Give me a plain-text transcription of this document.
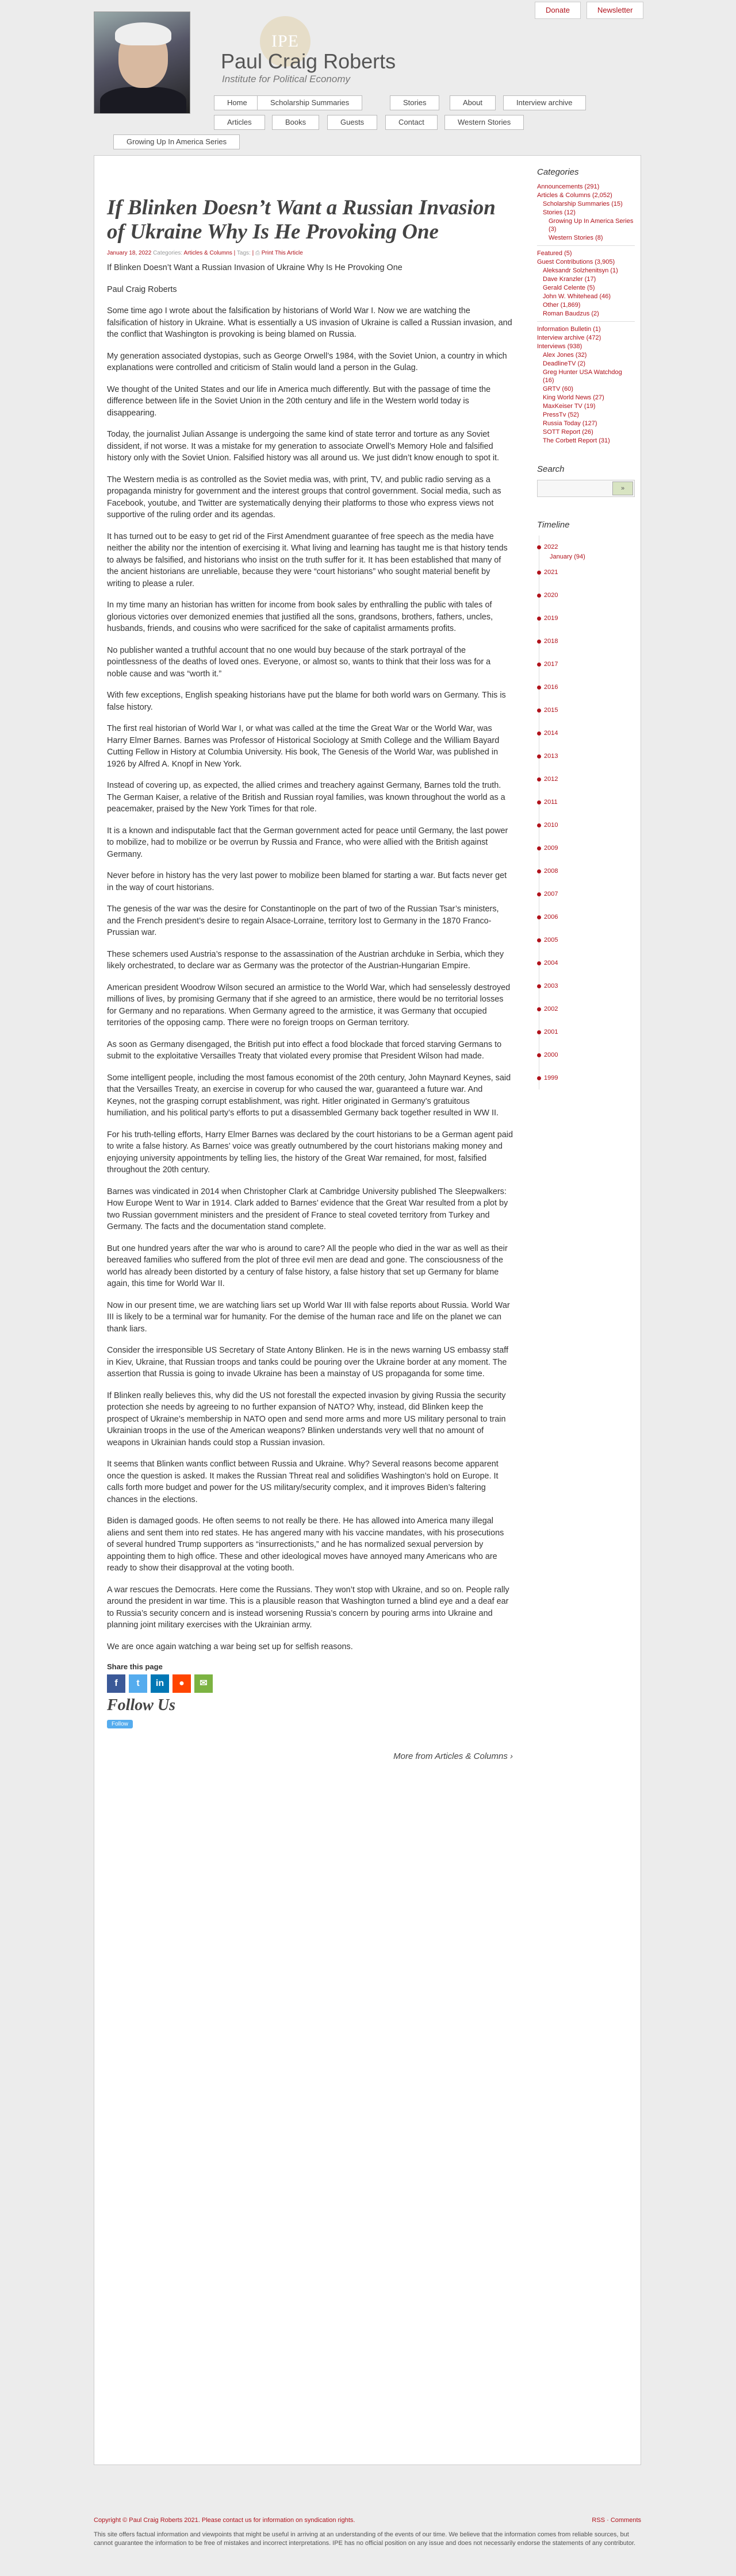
Donate	Newsletter
IPE
Paul Craig Roberts
Institute for Political Economy
Home	Scholarship Summaries	Stories	About	Interview archive
Articles	Books	Guests	Contact	Western Stories
Growing Up In America Series
If Blinken Doesn’t Want a Russian Invasion of Ukraine Why Is He Provoking One
January 18, 2022 Categories: Articles & Columns | Tags: | ⎙ Print This Article

If Blinken Doesn’t Want a Russian Invasion of Ukraine Why Is He Provoking One

Paul Craig Roberts

Some time ago I wrote about the falsification by historians of World War I. Now we are watching the falsification of history in Ukraine. What is essentially a US invasion of Ukraine is called a Russian invasion, and the conflict that Washington is provoking is being blamed on Russia.

My generation associated dystopias, such as George Orwell’s 1984, with the Soviet Union, a country in which explanations were controlled and criticism of Stalin would land a person in the Gulag.

We thought of the United States and our life in America much differently. But with the passage of time the difference between life in the Soviet Union in the 20th century and life in the Western world today is disappearing.

Today, the journalist Julian Assange is undergoing the same kind of state terror and torture as any Soviet dissident, if not worse. It was a mistake for my generation to associate Orwell’s Memory Hole and falsified history only with the Soviet Union. Falsified history was all around us. We just didn’t know enough to spot it.

The Western media is as controlled as the Soviet media was, with print, TV, and public radio serving as a propaganda ministry for government and the interest groups that control government. Social media, such as Facebook, youtube, and Twitter are systematically denying their platforms to those who express views not supportive of the ruling order and its agendas.

It has turned out to be easy to get rid of the First Amendment guarantee of free speech as the media have neither the ability nor the intention of exercising it. What living and learning has taught me is that history tends to always be falsified, and historians who insist on the truth suffer for it. It has been established that many of the ancient historians are unreliable, because they were “court historians” who sought material benefit by writing to please a ruler.

In my time many an historian has written for income from book sales by enthralling the public with tales of glorious victories over demonized enemies that justified all the sons, grandsons, brothers, fathers, uncles, husbands, friends, and cousins who were sacrificed for the sake of capitalist armaments profits.

No publisher wanted a truthful account that no one would buy because of the stark portrayal of the pointlessness of the deaths of loved ones. Everyone, or almost so, wants to think that their loss was for a noble cause and was “worth it.”

With few exceptions, English speaking historians have put the blame for both world wars on Germany. This is false history.

The first real historian of World War I, or what was called at the time the Great War or the World War, was Harry Elmer Barnes. Barnes was Professor of Historical Sociology at Smith College and the William Bayard Cutting Fellow in History at Columbia University. His book, The Genesis of the World War, was published in 1926 by Alfred A. Knopf in New York.

Instead of covering up, as expected, the allied crimes and treachery against Germany, Barnes told the truth. The German Kaiser, a relative of the British and Russian royal families, was known throughout the world as a peacemaker, praised by the New York Times for that role.

It is a known and indisputable fact that the German government acted for peace until Germany, the last power to mobilize, had to mobilize or be overrun by Russia and France, who were allied with the British against Germany.

Never before in history has the very last power to mobilize been blamed for starting a war. But facts never get in the way of court historians.

The genesis of the war was the desire for Constantinople on the part of two of the Russian Tsar’s ministers, and the French president’s desire to regain Alsace-Lorraine, territory lost to Germany in the 1870 Franco-Prussian war.

These schemers used Austria’s response to the assassination of the Austrian archduke in Serbia, which they likely orchestrated, to declare war as Germany was the protector of the Austrian-Hungarian Empire.

American president Woodrow Wilson secured an armistice to the World War, which had senselessly destroyed millions of lives, by promising Germany that if she agreed to an armistice, there would be no territorial losses for Germany and no reparations. When Germany agreed to the armistice, it was Germany that occupied territories of the opposing camp. There were no foreign troops on German territory.

As soon as Germany disengaged, the British put into effect a food blockade that forced starving Germans to submit to the exploitative Versailles Treaty that violated every promise that President Wilson had made.

Some intelligent people, including the most famous economist of the 20th century, John Maynard Keynes, said that the Versailles Treaty, an exercise in coverup for who caused the war, guaranteed a future war. And Keynes, not the grasping corrupt establishment, was right. Hitler originated in Germany’s gratuitous humiliation, and his political party’s efforts to put a disassembled Germany back together resulted in WW II.

For his truth-telling efforts, Harry Elmer Barnes was declared by the court historians to be a German agent paid to write a false history. As Barnes’ voice was greatly outnumbered by the court historians making money and enjoying university appointments by telling lies, the history of the Great War remained, for most, falsified throughout the 20th century.

Barnes was vindicated in 2014 when Christopher Clark at Cambridge University published The Sleepwalkers: How Europe Went to War in 1914. Clark added to Barnes’ evidence that the Great War resulted from a plot by two Russian government ministers and the president of France to steal coveted territory from Turkey and Germany. The facts and the documentation stand complete.

But one hundred years after the war who is around to care? All the people who died in the war as well as their bereaved families who suffered from the plot of three evil men are dead and gone. The consciousness of the world has already been distorted by a century of false history, a false history that set up Germany for blame again, this time for World War II.

Now in our present time, we are watching liars set up World War III with false reports about Russia. World War III is likely to be a terminal war for humanity. For the demise of the human race and life on the planet we can thank liars.

Consider the irresponsible US Secretary of State Antony Blinken. He is in the news warning US embassy staff in Kiev, Ukraine, that Russian troops and tanks could be pouring over the Ukraine border at any moment. The assertion that Russia is going to invade Ukraine has been a mainstay of US propaganda for some time.

If Blinken really believes this, why did the US not forestall the expected invasion by giving Russia the security protection she needs by agreeing to no further expansion of NATO? Why, instead, did Blinken keep the prospect of Ukraine’s membership in NATO open and send more arms and more US military personal to train Ukrainian troops in the use of the American weapons? Blinken understands very well that no amount of weapons in Ukrainian hands could stop a Russian invasion.

It seems that Blinken wants conflict between Russia and Ukraine. Why? Several reasons become apparent once the question is asked. It makes the Russian Threat real and solidifies Washington’s hold on Europe. It calls forth more budget and power for the US military/security complex, and it improves Biden’s faltering chances in the elections.

Biden is damaged goods. He often seems to not really be there. He has allowed into America many illegal aliens and sent them into red states. He has angered many with his vaccine mandates, with his prosecutions of several hundred Trump supporters as “insurrectionists,” and he has normalized sexual perversion by appointing them to high office. These and other ideological moves have annoyed many Americans who are ready to show their disapproval at the voting booth.

A war rescues the Democrats. Here come the Russians. They won’t stop with Ukraine, and so on. People rally around the president in war time. This is a plausible reason that Washington turned a blind eye and a deaf ear to Russia’s security concern and is instead worsening Russia’s concern by pouring arms into Ukraine and planning joint military exercises with the Ukrainian army.

We are once again watching a war being set up for selfish reasons.

Share this page
f t in ● ✉
Follow Us
Follow
More from Articles & Columns ›
Categories
Announcements (291)
Articles & Columns (2,052)
Scholarship Summaries (15)
Stories (12)
Growing Up In America Series (3)
Western Stories (8)
Featured (5)
Guest Contributions (3,905)
Aleksandr Solzhenitsyn (1)
Dave Kranzler (17)
Gerald Celente (5)
John W. Whitehead (46)
Other (1,869)
Roman Baudzus (2)
Information Bulletin (1)
Interview archive (472)
Interviews (938)
Alex Jones (32)
DeadlineTV (2)
Greg Hunter USA Watchdog (16)
GRTV (60)
King World News (27)
MaxKeiser TV (19)
PressTv (52)
Russia Today (127)
SOTT Report (26)
The Corbett Report (31)
Search
»
Timeline
2022
January (94)
2021
2020
2019
2018
2017
2016
2015
2014
2013
2012
2011
2010
2009
2008
2007
2006
2005
2004
2003
2002
2001
2000
1999
Copyright © Paul Craig Roberts 2021. Please contact us for information on syndication rights.	RSS · Comments
This site offers factual information and viewpoints that might be useful in arriving at an understanding of the events of our time. We believe that the information comes from reliable sources, but cannot guarantee the information to be free of mistakes and incorrect interpretations. IPE has no official position on any issue and does not necessarily endorse the statements of any contributor.
